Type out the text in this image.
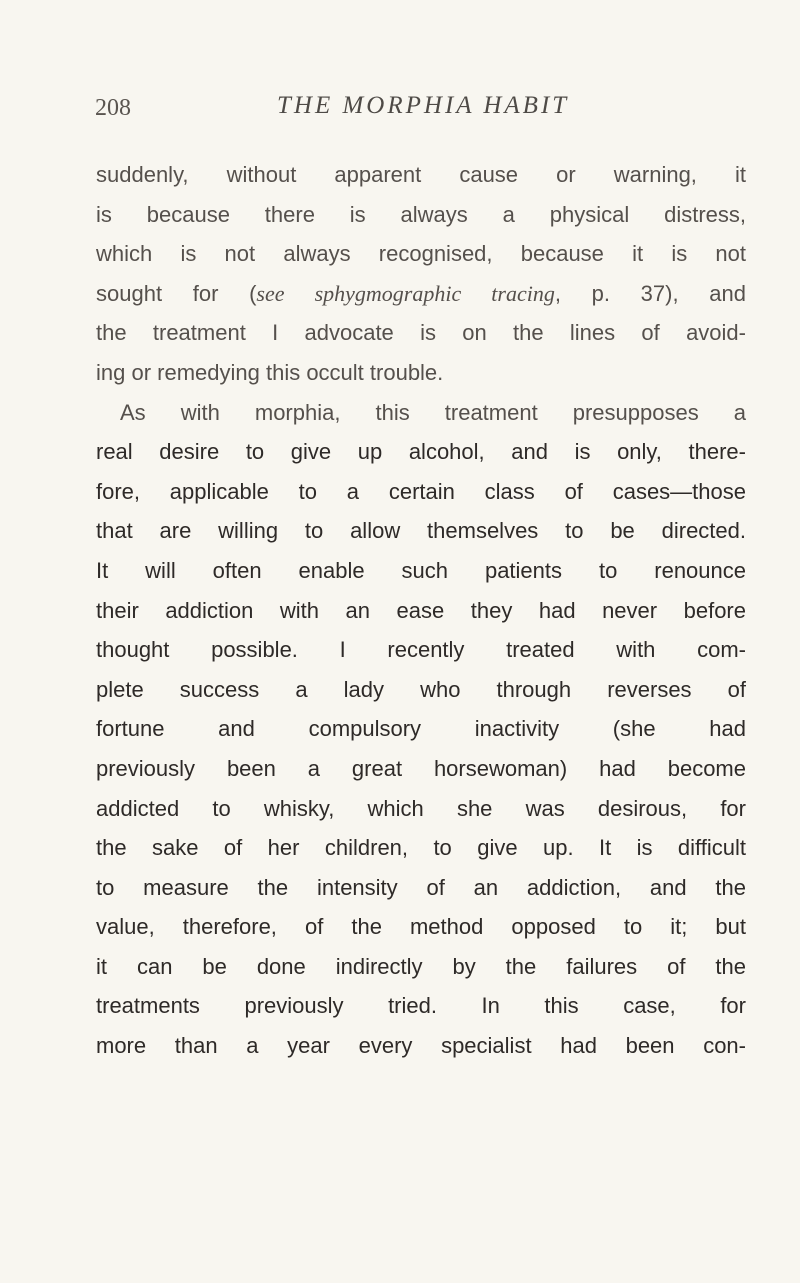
208	THE MORPHIA HABIT
suddenly, without apparent cause or warning, it
is because there is always a physical distress,
which is not always recognised, because it is not
sought for (see sphygmographic tracing, p. 37), and
the treatment I advocate is on the lines of avoid-
ing or remedying this occult trouble.
As with morphia, this treatment presupposes a
real desire to give up alcohol, and is only, there-
fore, applicable to a certain class of cases—those
that are willing to allow themselves to be directed.
It will often enable such patients to renounce
their addiction with an ease they had never before
thought possible. I recently treated with com-
plete success a lady who through reverses of
fortune and compulsory inactivity (she had
previously been a great horsewoman) had become
addicted to whisky, which she was desirous, for
the sake of her children, to give up. It is difficult
to measure the intensity of an addiction, and the
value, therefore, of the method opposed to it; but
it can be done indirectly by the failures of the
treatments previously tried. In this case, for
more than a year every specialist had been con-
